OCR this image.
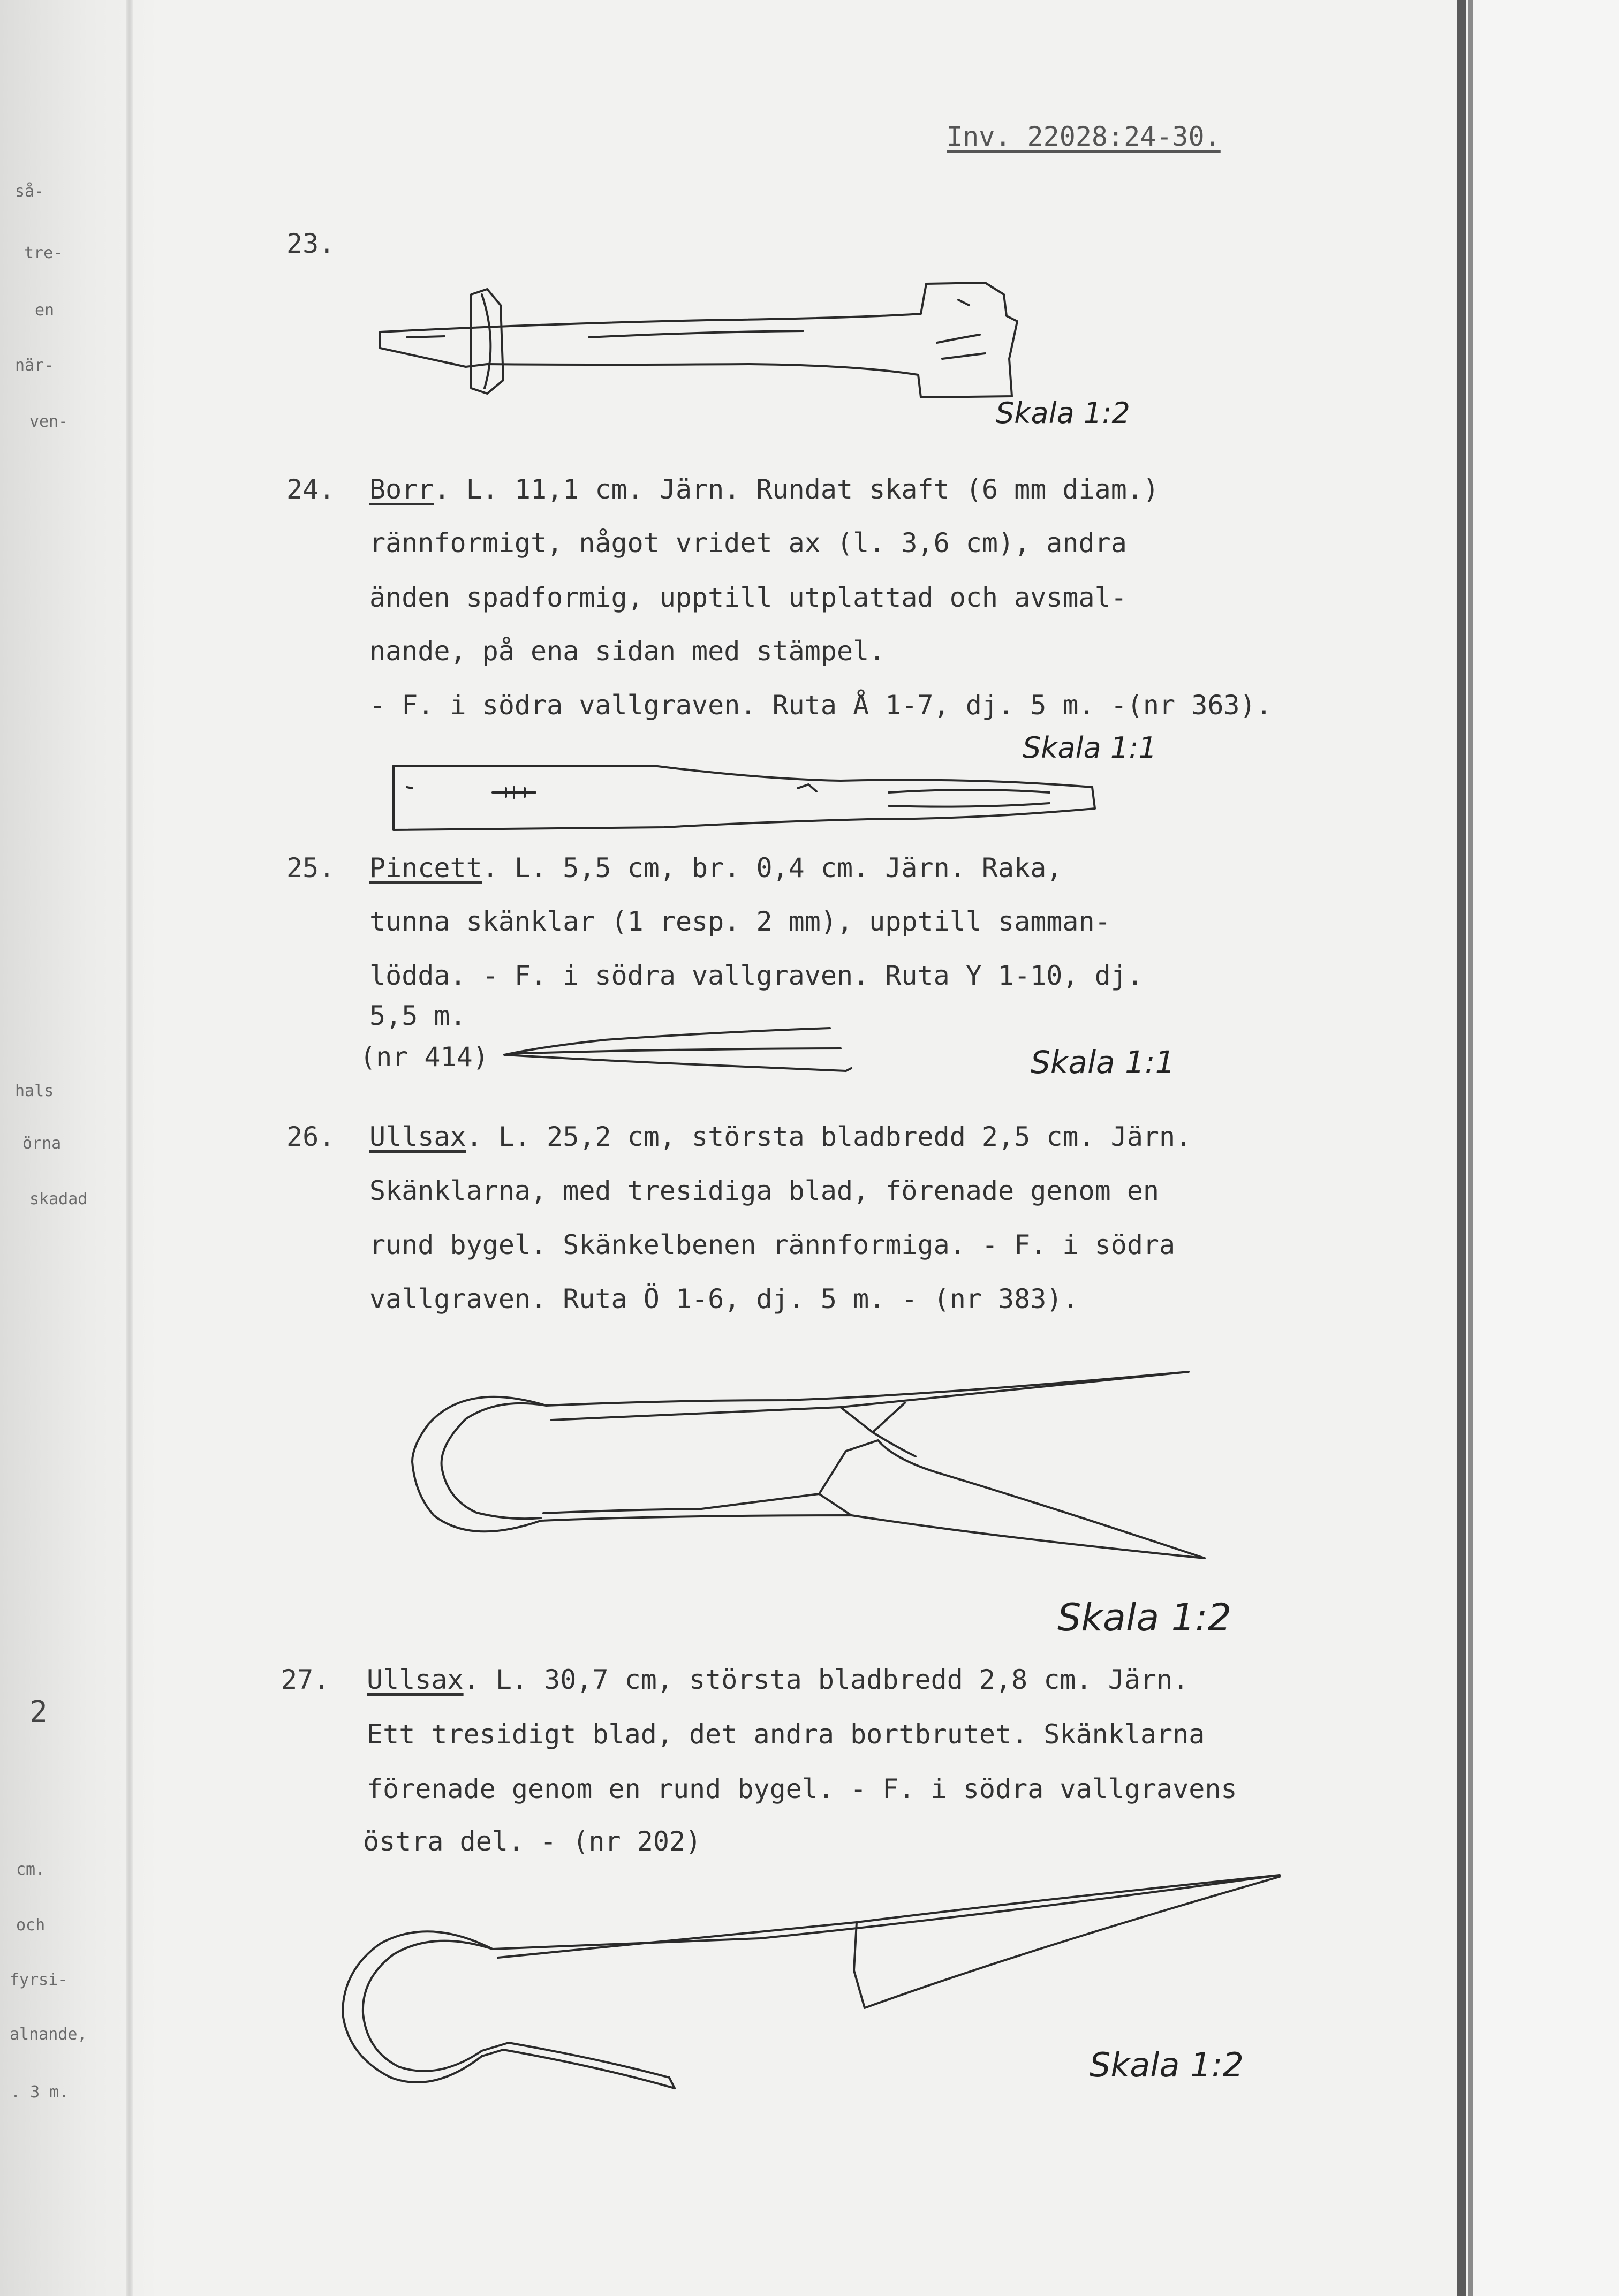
så-
tre-
en
när-
ven-
hals
örna
skadad
2
cm.
och
fyrsi-
alnande,
. 3 m.
Inv. 22028:24-30.
23.
Skala 1:2
24. Borr. L. 11,1 cm. Järn. Rundat skaft (6 mm diam.)
rännformigt, något vridet ax (l. 3,6 cm), andra
änden spadformig, upptill utplattad och avsmal-
nande, på ena sidan med stämpel.
- F. i södra vallgraven. Ruta Å 1-7, dj. 5 m. -(nr 363).
Skala 1:1
25. Pincett. L. 5,5 cm, br. 0,4 cm. Järn. Raka,
tunna skänklar (1 resp. 2 mm), upptill samman-
lödda. - F. i södra vallgraven. Ruta Y 1-10, dj.
5,5 m.
(nr 414)	Skala 1:1
26. Ullsax. L. 25,2 cm, största bladbredd 2,5 cm. Järn.
Skänklarna, med tresidiga blad, förenade genom en
rund bygel. Skänkelbenen rännformiga. - F. i södra
vallgraven. Ruta Ö 1-6, dj. 5 m. - (nr 383).
Skala 1:2
27. Ullsax. L. 30,7 cm, största bladbredd 2,8 cm. Järn.
Ett tresidigt blad, det andra bortbrutet. Skänklarna
förenade genom en rund bygel. - F. i södra vallgravens
östra del. - (nr 202)
Skala 1:2
